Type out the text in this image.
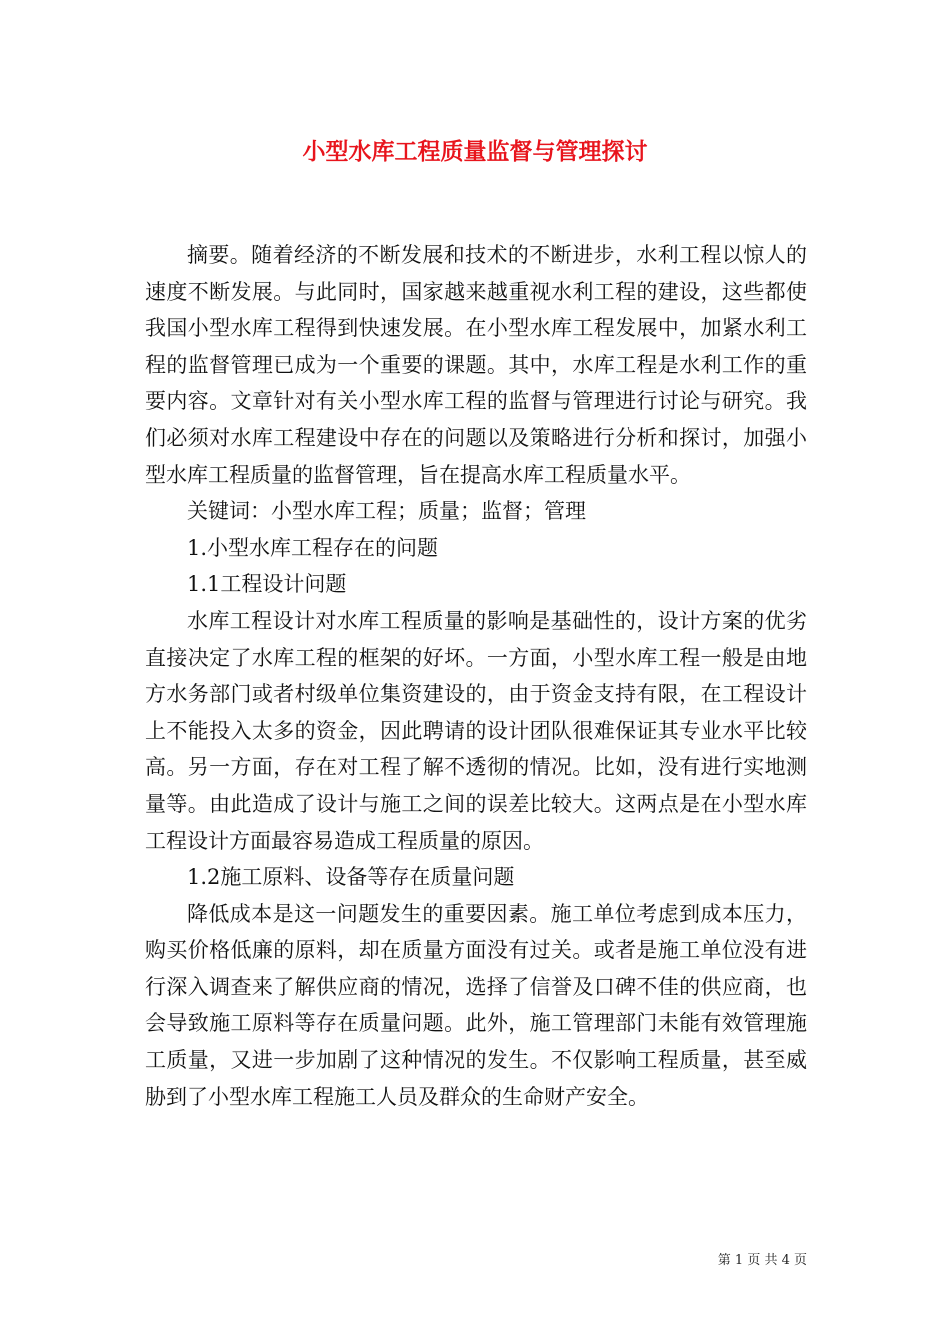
小型水库工程质量监督与管理探讨

摘要。随着经济的不断发展和技术的不断进步，水利工程以惊人的速度不断发展。与此同时，国家越来越重视水利工程的建设，这些都使我国小型水库工程得到快速发展。在小型水库工程发展中，加紧水利工程的监督管理已成为一个重要的课题。其中，水库工程是水利工作的重要内容。文章针对有关小型水库工程的监督与管理进行讨论与研究。我们必须对水库工程建设中存在的问题以及策略进行分析和探讨，加强小型水库工程质量的监督管理，旨在提高水库工程质量水平。

关键词：小型水库工程；质量；监督；管理

1.小型水库工程存在的问题

1.1工程设计问题

水库工程设计对水库工程质量的影响是基础性的，设计方案的优劣直接决定了水库工程的框架的好坏。一方面，小型水库工程一般是由地方水务部门或者村级单位集资建设的，由于资金支持有限，在工程设计上不能投入太多的资金，因此聘请的设计团队很难保证其专业水平比较高。另一方面，存在对工程了解不透彻的情况。比如，没有进行实地测量等。由此造成了设计与施工之间的误差比较大。这两点是在小型水库工程设计方面最容易造成工程质量的原因。

1.2施工原料、设备等存在质量问题

降低成本是这一问题发生的重要因素。施工单位考虑到成本压力，购买价格低廉的原料，却在质量方面没有过关。或者是施工单位没有进行深入调查来了解供应商的情况，选择了信誉及口碑不佳的供应商，也会导致施工原料等存在质量问题。此外，施工管理部门未能有效管理施工质量，又进一步加剧了这种情况的发生。不仅影响工程质量，甚至威胁到了小型水库工程施工人员及群众的生命财产安全。

第 1 页 共 4 页
